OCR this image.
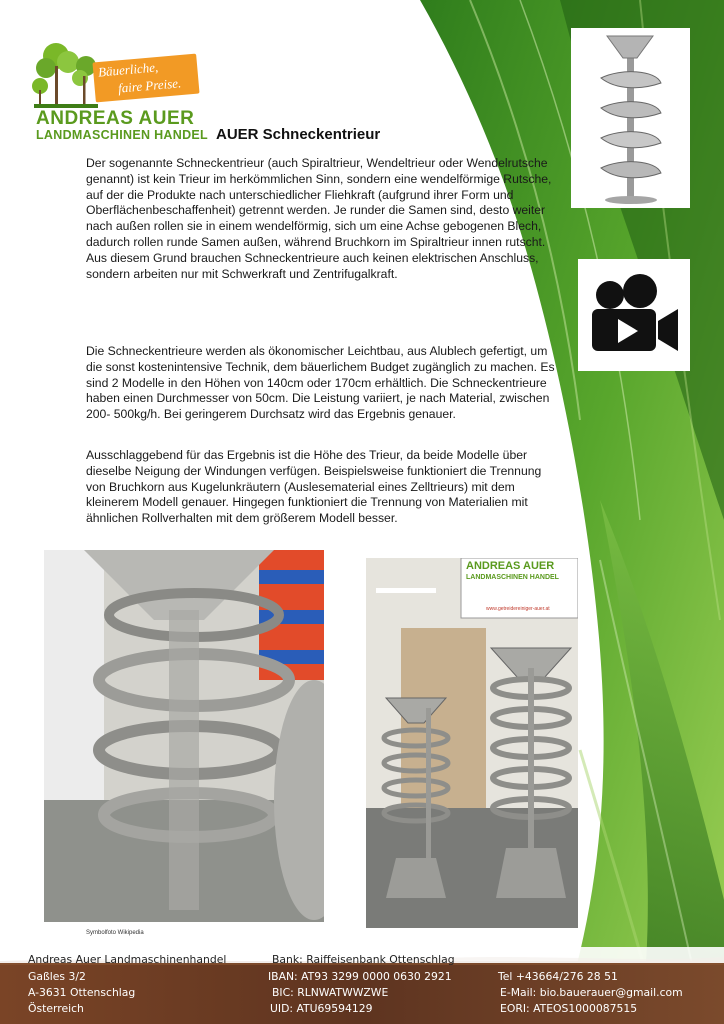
Bäuerliche,
faire Preise.
ANDREAS AUER
LANDMASCHINEN HANDEL AUER Schneckentrieur
Der sogenannte Schneckentrieur (auch Spiraltrieur, Wendeltrieur oder Wendelrutsche genannt) ist kein Trieur im herkömmlichen Sinn, sondern eine wendelförmige Rutsche, auf der die Produkte nach unterschiedlicher Fliehkraft (aufgrund ihrer Form und Oberflächenbeschaffenheit) getrennt werden. Je runder die Samen sind, desto weiter nach außen rollen sie in einem wendelförmig, sich um eine Achse gebogenen Blech, dadurch rollen runde Samen außen, während Bruchkorn im Spiraltrieur innen rutscht. Aus diesem Grund brauchen Schneckentrieure auch keinen elektrischen Anschluss, sondern arbeiten nur mit Schwerkraft und Zentrifugalkraft.
Die Schneckentrieure werden als ökonomischer Leichtbau, aus Alublech gefertigt, um die sonst kostenintensive Technik, dem bäuerlichem Budget zugänglich zu machen. Es sind 2 Modelle in den Höhen von 140cm oder 170cm erhältlich. Die Schneckentrieure haben einen Durchmesser von 50cm. Die Leistung variiert, je nach Material, zwischen 200- 500kg/h. Bei geringerem Durchsatz wird das Ergebnis genauer.
Ausschlaggebend für das Ergebnis ist die Höhe des Trieur, da beide Modelle über dieselbe Neigung der Windungen verfügen. Beispielsweise funktioniert die Trennung von Bruchkorn aus Kugelunkräutern (Auslesematerial eines Zelltrieurs) mit dem kleinerem Modell genauer. Hingegen funktioniert die Trennung von Materialien mit ähnlichen Rollverhalten mit dem größerem Modell besser.
Symbolfoto Wikipedia
ANDREAS AUER
LANDMASCHINEN HANDEL
www.getreidereiniger-auer.at
Andreas Auer Landmaschinenhandel
Gaßles 3/2
A-3631 Ottenschlag
Österreich
Bank: Raiffeisenbank Ottenschlag
IBAN: AT93 3299 0000 0630 2921
BIC: RLNWATWWZWE
UID: ATU69594129
Tel +43664/276 28 51
E-Mail: bio.bauerauer@gmail.com
EORI: ATEOS1000087515
